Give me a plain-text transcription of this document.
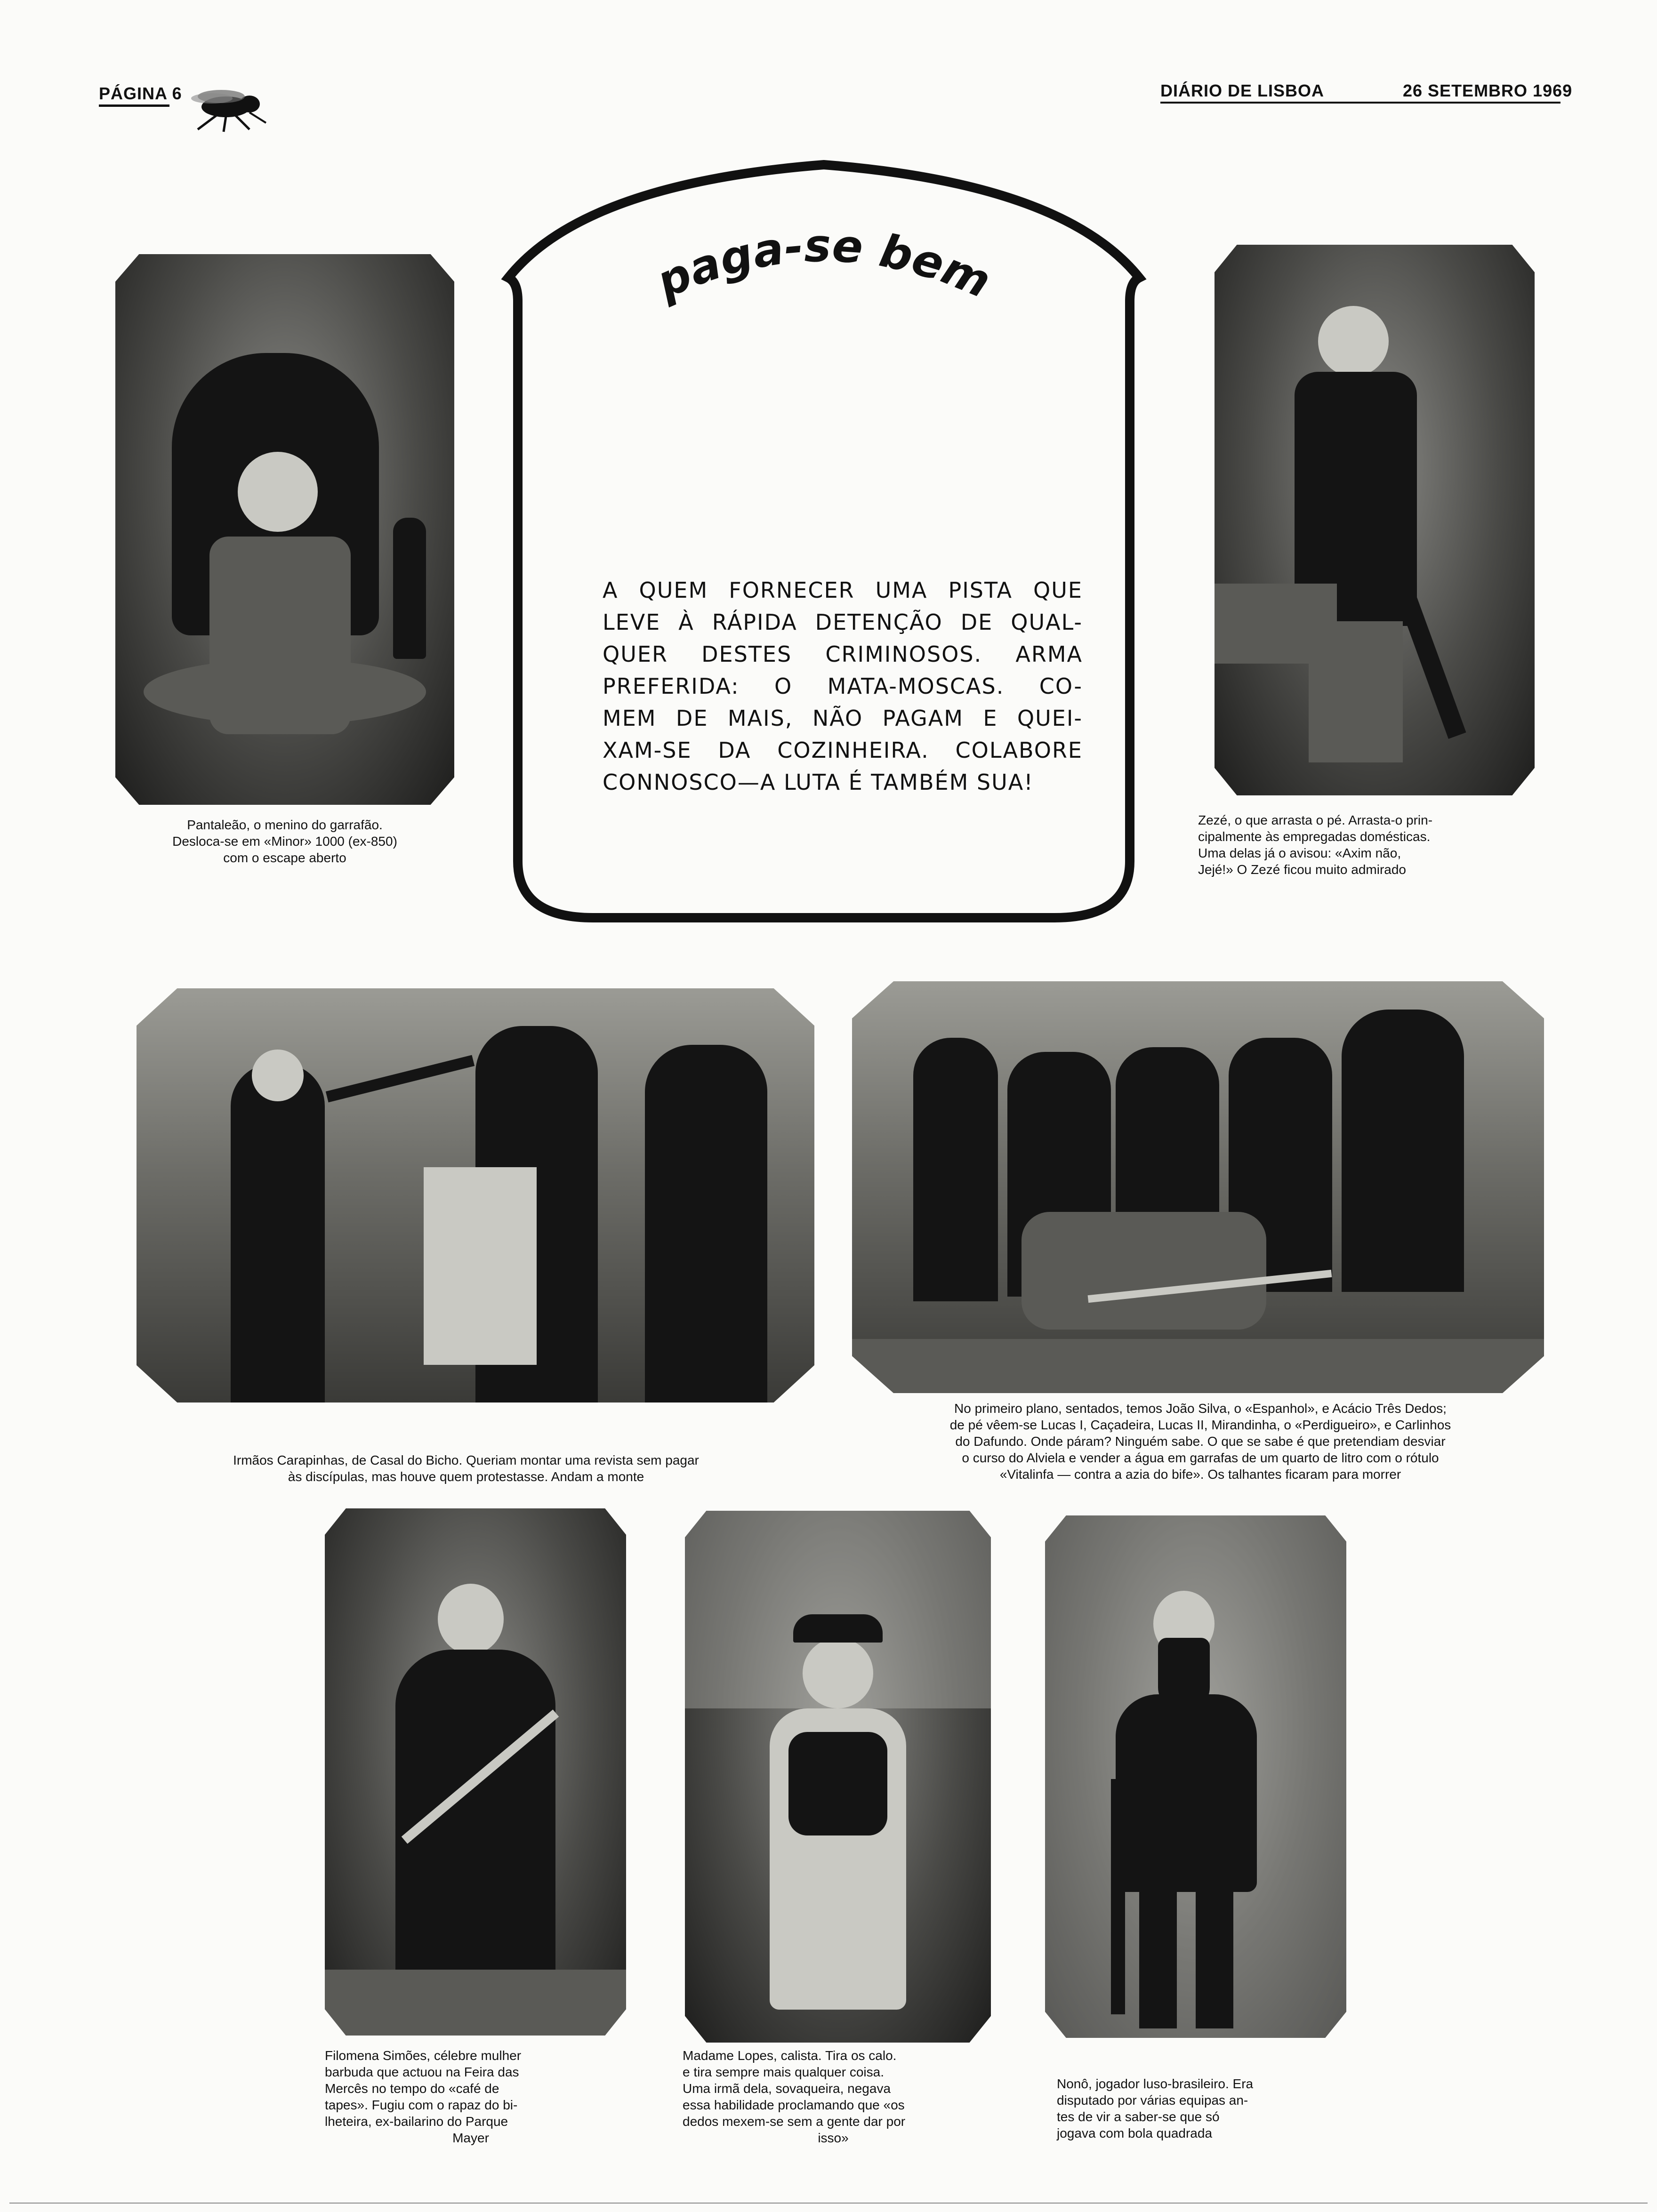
PÁGINA 6	DIÁRIO DE LISBOA	26 SETEMBRO 1969
paga-se bem
A QUEM FORNECER UMA PISTA QUE
LEVE À RÁPIDA DETENÇÃO DE QUAL-
QUER DESTES CRIMINOSOS. ARMA
PREFERIDA: O MATA-MOSCAS. CO-
MEM DE MAIS, NÃO PAGAM E QUEI-
XAM-SE DA COZINHEIRA. COLABORE
CONNOSCO—A LUTA É TAMBÉM SUA!
Pantaleão, o menino do garrafão.
Desloca-se em «Minor» 1000 (ex-850)
com o escape aberto
Zezé, o que arrasta o pé. Arrasta-o prin-
cipalmente às empregadas domésticas.
Uma delas já o avisou: «Axim não,
Jejé!» O Zezé ficou muito admirado
Irmãos Carapinhas, de Casal do Bicho. Queriam montar uma revista sem pagar
às discípulas, mas houve quem protestasse. Andam a monte
No primeiro plano, sentados, temos João Silva, o «Espanhol», e Acácio Três Dedos;
de pé vêem-se Lucas I, Caçadeira, Lucas II, Mirandinha, o «Perdigueiro», e Carlinhos
do Dafundo. Onde páram? Ninguém sabe. O que se sabe é que pretendiam desviar
o curso do Alviela e vender a água em garrafas de um quarto de litro com o rótulo
«Vitalinfa — contra a azia do bife». Os talhantes ficaram para morrer
Filomena Simões, célebre mulher
barbuda que actuou na Feira das
Mercês no tempo do «café de
tapes». Fugiu com o rapaz do bi-
lheteira, ex-bailarino do Parque
Mayer
Madame Lopes, calista. Tira os calo.
e tira sempre mais qualquer coisa.
Uma irmã dela, sovaqueira, negava
essa habilidade proclamando que «os
dedos mexem-se sem a gente dar por
isso»
Nonô, jogador luso-brasileiro. Era
disputado por várias equipas an-
tes de vir a saber-se que só
jogava com bola quadrada
